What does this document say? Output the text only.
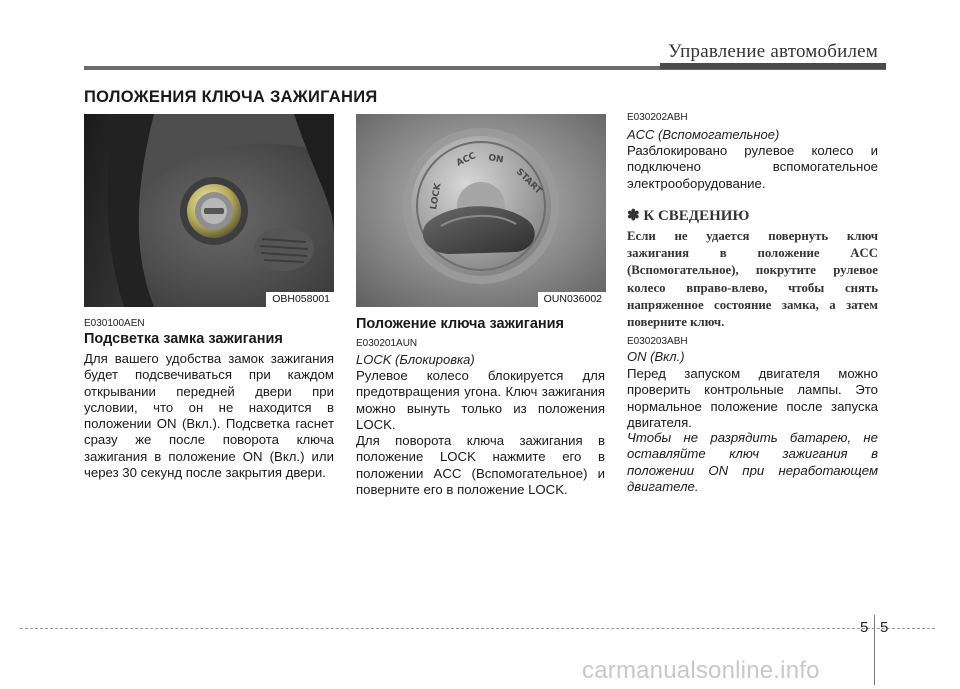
Управление автомобилем
ПОЛОЖЕНИЯ КЛЮЧА ЗАЖИГАНИЯ
OBH058001
LOCK
ACC ON
START
OUN036002
E030100AEN
Подсветка замка зажигания
Для вашего удобства замок зажигания будет подсвечиваться при каждом открывании передней двери при условии, что он не находится в положении ON (Вкл.). Подсветка гаснет сразу же после поворота ключа зажигания в положение ON (Вкл.) или через 30 секунд после закрытия двери.
Положение ключа зажигания
E030201AUN
LOCK (Блокировка)
Рулевое колесо блокируется для предотвращения угона. Ключ зажигания можно вынуть только из положения LOCK.
Для поворота ключа зажигания в положение LOCK нажмите его в положении ACC (Вспомогательное) и поверните его в положение LOCK.
E030202ABH
ACC (Вспомогательное)
Разблокировано рулевое колесо и подключено вспомогательное электрооборудование.
✽ К СВЕДЕНИЮ
Если не удается повернуть ключ зажигания в положение ACC (Вспомогательное), покрутите рулевое колесо вправо-влево, чтобы снять напряженное состояние замка, а затем поверните ключ.
E030203ABH
ON (Вкл.)
Перед запуском двигателя можно проверить контрольные лампы. Это нормальное положение после запуска двигателя.
Чтобы не разрядить батарею, не оставляйте ключ зажигания в положении ON при неработающем двигателе.
5 5
carmanualsonline.info
